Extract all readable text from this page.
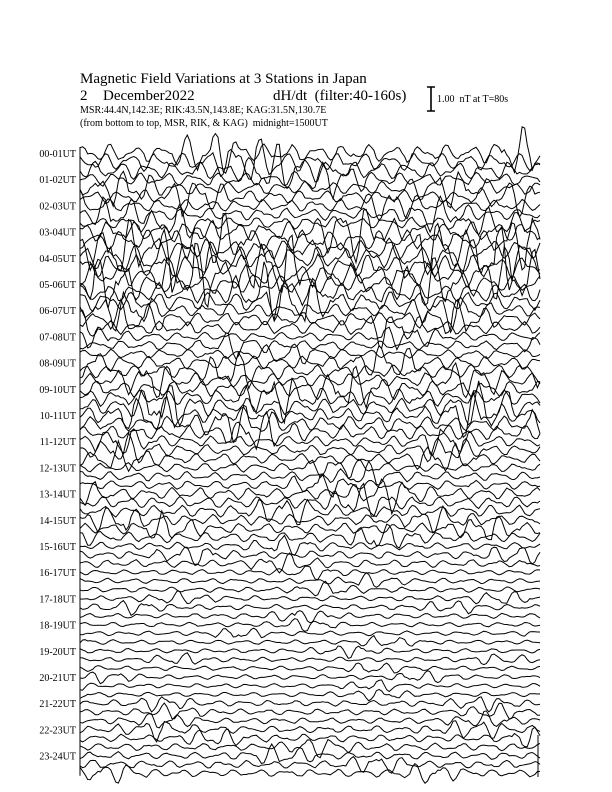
Magnetic Field Variations at 3 Stations in Japan
2 December2022	dH/dt (filter:40-160s)
MSR:44.4N,142.3E; RIK:43.5N,143.8E; KAG:31.5N,130.7E
(from bottom to top, MSR, RIK, & KAG)  midnight=1500UT
1.00  nT at T=80s
00-01UT
01-02UT
02-03UT
03-04UT
04-05UT
05-06UT
06-07UT
07-08UT
08-09UT
09-10UT
10-11UT
11-12UT
12-13UT
13-14UT
14-15UT
15-16UT
16-17UT
17-18UT
18-19UT
19-20UT
20-21UT
21-22UT
22-23UT
23-24UT
